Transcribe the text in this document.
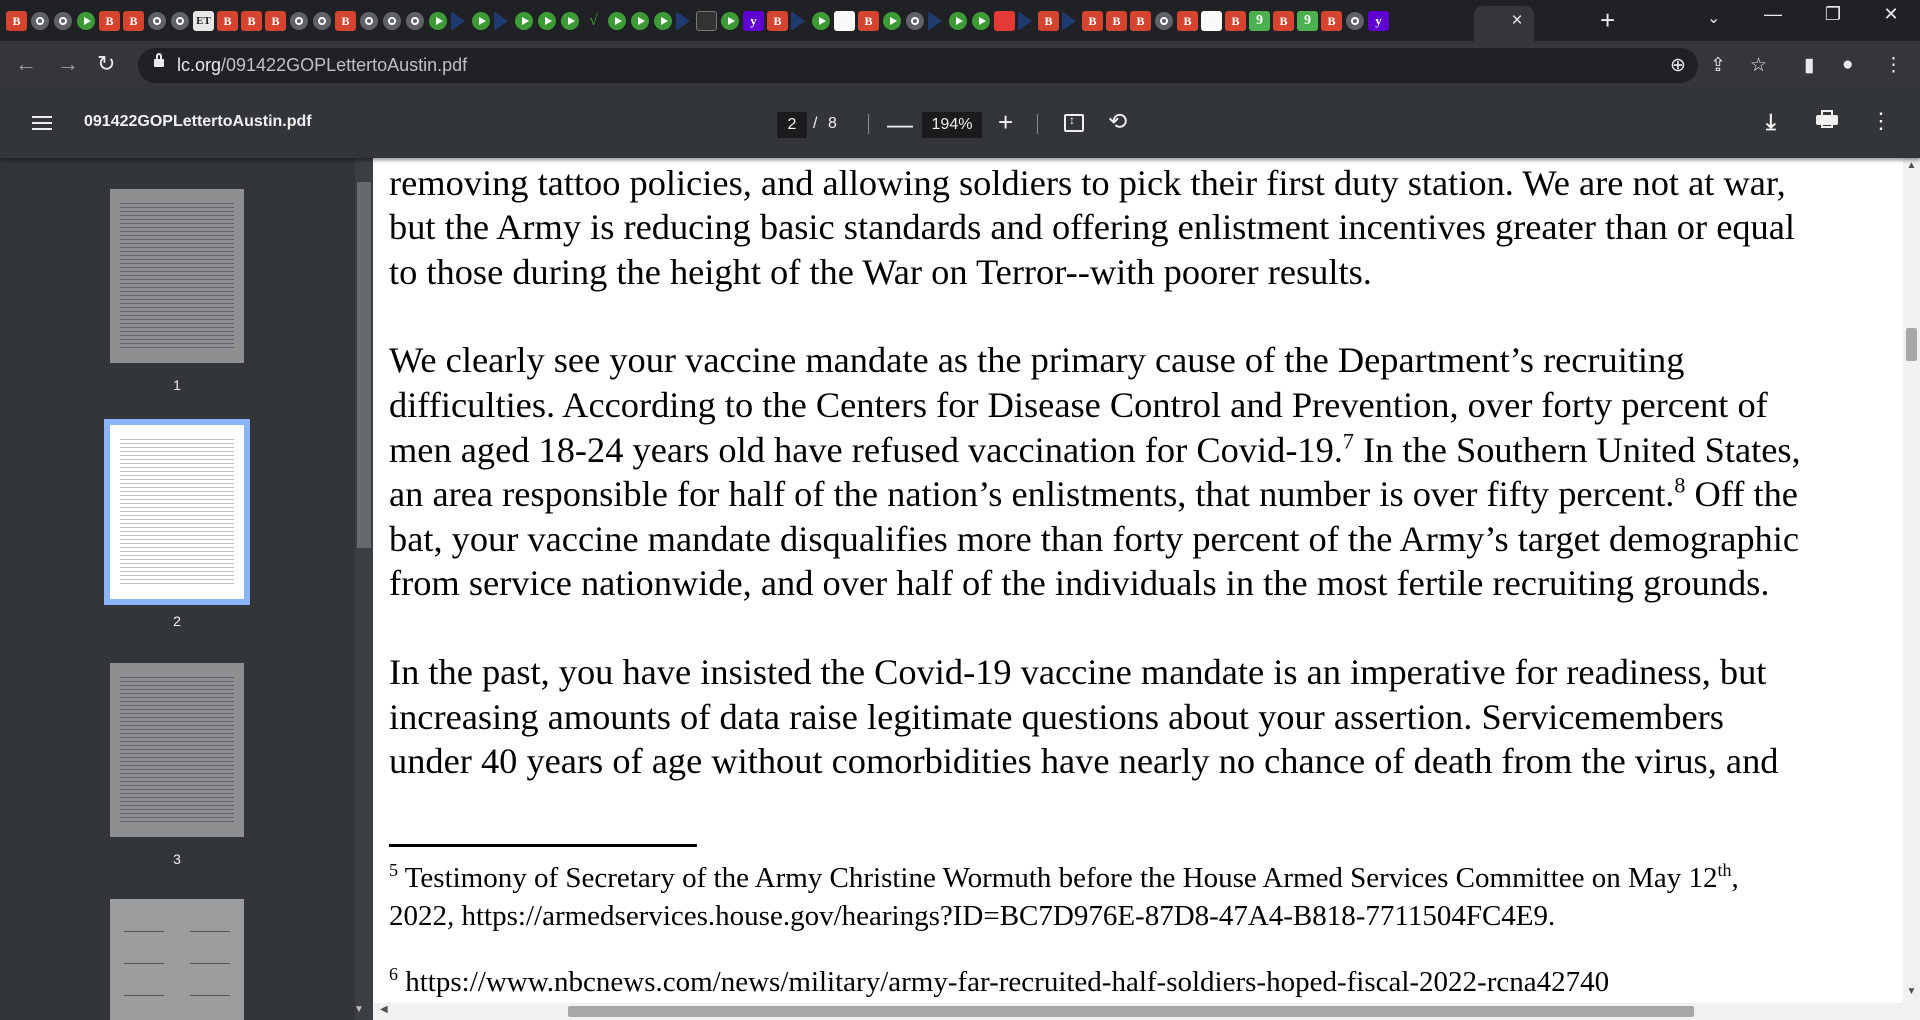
B	B	B	ET	B	B	B	B	√	y	B	B	B	B	B	B	B	B	9	B	9	B	y	×	+	⌄	—	❐	✕
← → ↻	lc.org/091422GOPLettertoAustin.pdf	⊕ ⇪ ☆ ▮ ● ⋮
091422GOPLettertoAustin.pdf	2	/ 8 —	194% +
↕	⟲	⤓	⋮
1
2
3
▼

removing tattoo policies, and allowing soldiers to pick their first duty station. We are not at war,
but the Army is reducing basic standards and offering enlistment incentives greater than or equal
to those during the height of the War on Terror--with poorer results.

We clearly see your vaccine mandate as the primary cause of the Department’s recruiting
difficulties. According to the Centers for Disease Control and Prevention, over forty percent of
men aged 18-24 years old have refused vaccination for Covid-19.$^7$ In the Southern United States,
an area responsible for half of the nation’s enlistments, that number is over fifty percent.$^8$ Off the
bat, your vaccine mandate disqualifies more than forty percent of the Army’s target demographic
from service nationwide, and over half of the individuals in the most fertile recruiting grounds.

In the past, you have insisted the Covid-19 vaccine mandate is an imperative for readiness, but
increasing amounts of data raise legitimate questions about your assertion. Servicemembers
under 40 years of age without comorbidities have nearly no chance of death from the virus, and

$^5$ Testimony of Secretary of the Army Christine Wormuth before the House Armed Services Committee on May 12th,
2022, https://armedservices.house.gov/hearings?ID=BC7D976E-87D8-47A4-B818-7711504FC4E9.
$^6$ https://www.nbcnews.com/news/military/army-far-recruited-half-soldiers-hoped-fiscal-2022-rcna42740
▲
▼
◀
